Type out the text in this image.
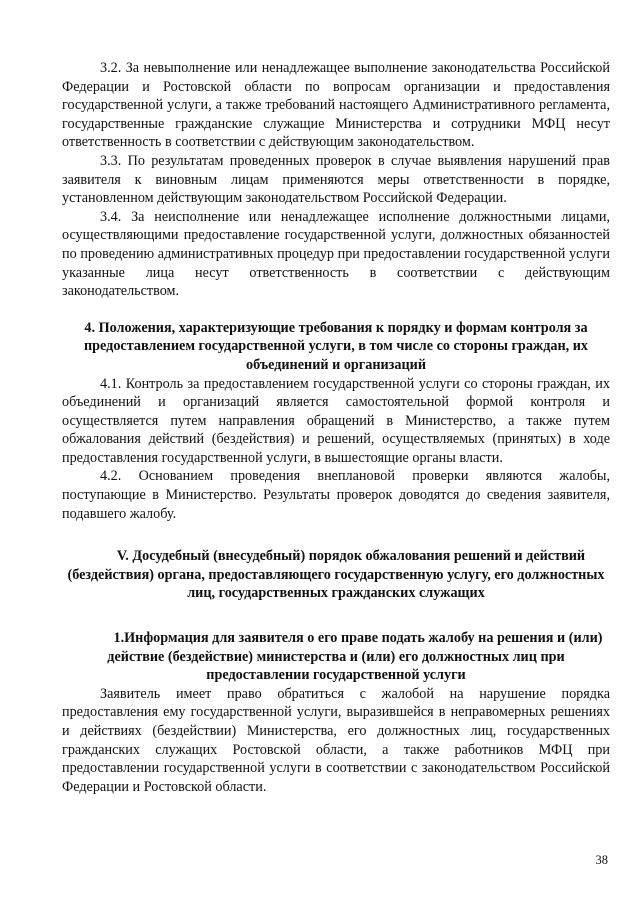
3.2. За невыполнение или ненадлежащее выполнение законодательства Российской Федерации и Ростовской области по вопросам организации и предоставления государственной услуги, а также требований настоящего Административного регламента, государственные гражданские служащие Министерства и сотрудники МФЦ несут ответственность в соответствии с действующим законодательством.

3.3. По результатам проведенных проверок в случае выявления нарушений прав заявителя к виновным лицам применяются меры ответственности в порядке, установленном действующим законодательством Российской Федерации.

3.4. За неисполнение или ненадлежащее исполнение должностными лицами, осуществляющими предоставление государственной услуги, должностных обязанностей по проведению административных процедур при предоставлении государственной услуги указанные лица несут ответственность в соответствии с действующим законодательством.

4. Положения, характеризующие требования к порядку и формам контроля за предоставлением государственной услуги, в том числе со стороны граждан, их объединений и организаций

4.1. Контроль за предоставлением государственной услуги со стороны граждан, их объединений и организаций является самостоятельной формой контроля и осуществляется путем направления обращений в Министерство, а также путем обжалования действий (бездействия) и решений, осуществляемых (принятых) в ходе предоставления государственной услуги, в вышестоящие органы власти.

4.2. Основанием проведения внеплановой проверки являются жалобы, поступающие в Министерство. Результаты проверок доводятся до сведения заявителя, подавшего жалобу.

V. Досудебный (внесудебный) порядок обжалования решений и действий (бездействия) органа, предоставляющего государственную услугу, его должностных лиц, государственных гражданских служащих

1.Информация для заявителя о его праве подать жалобу на решения и (или) действие (бездействие) министерства и (или) его должностных лиц при предоставлении государственной услуги

Заявитель имеет право обратиться с жалобой на нарушение порядка предоставления ему государственной услуги, выразившейся в неправомерных решениях и действиях (бездействии) Министерства, его должностных лиц, государственных гражданских служащих Ростовской области, а также работников МФЦ при предоставлении государственной услуги в соответствии с законодательством Российской Федерации и Ростовской области.

38
